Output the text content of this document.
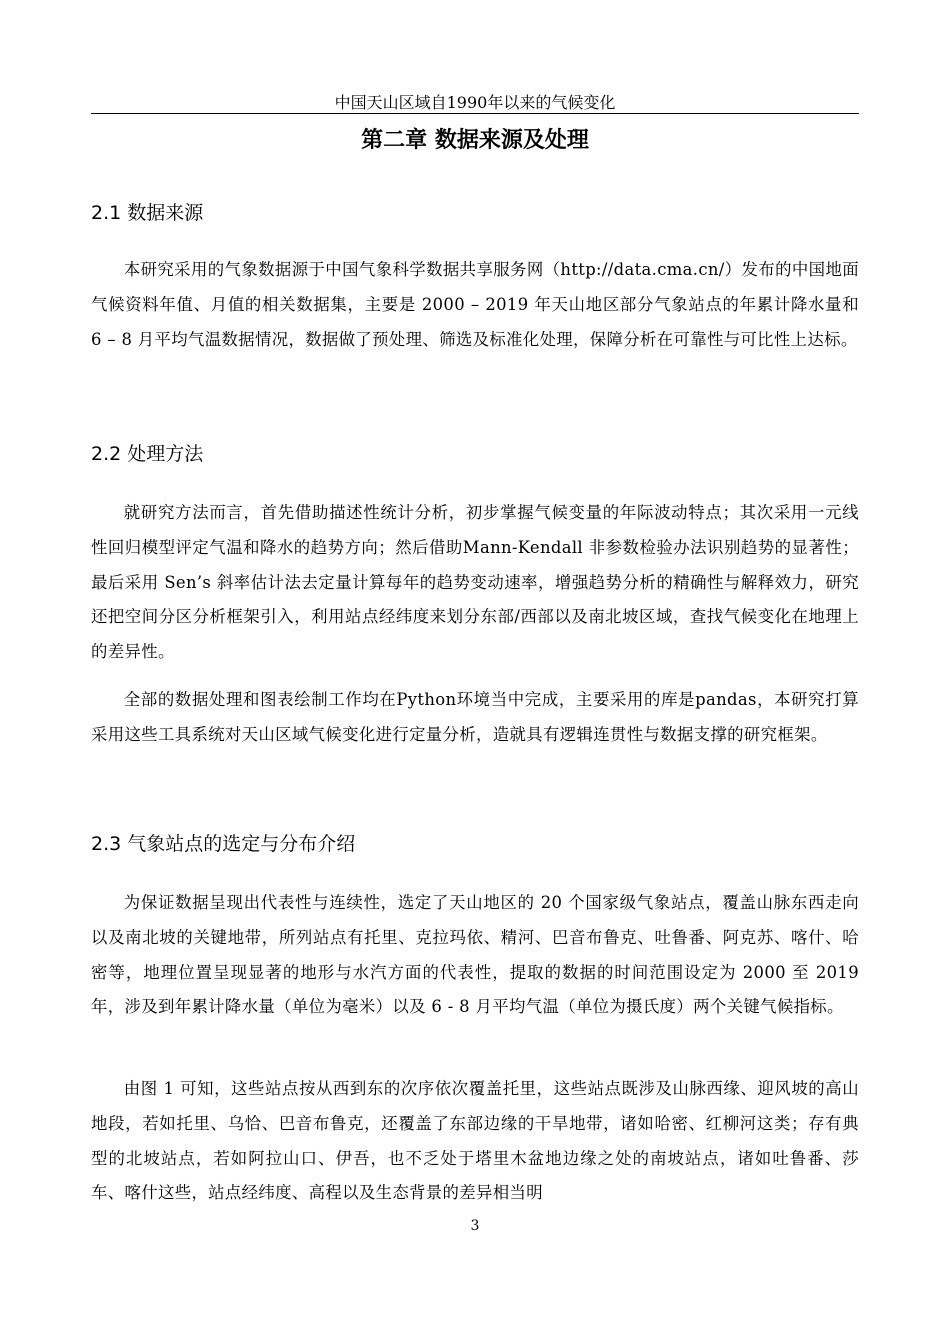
中国天山区域自1990年以来的气候变化
第二章 数据来源及处理
2.1 数据来源

本研究采用的气象数据源于中国气象科学数据共享服务网（http://data.cma.cn/）发布的中国地面气候资料年值、月值的相关数据集，主要是 2000 – 2019 年天山地区部分气象站点的年累计降水量和 6 – 8 月平均气温数据情况，数据做了预处理、筛选及标准化处理，保障分析在可靠性与可比性上达标。

2.2 处理方法

就研究方法而言，首先借助描述性统计分析，初步掌握气候变量的年际波动特点；其次采用一元线性回归模型评定气温和降水的趋势方向；然后借助Mann-Kendall 非参数检验办法识别趋势的显著性；最后采用 Sen’s 斜率估计法去定量计算每年的趋势变动速率，增强趋势分析的精确性与解释效力，研究还把空间分区分析框架引入，利用站点经纬度来划分东部/西部以及南北坡区域，查找气候变化在地理上的差异性。

全部的数据处理和图表绘制工作均在Python环境当中完成，主要采用的库是pandas，本研究打算采用这些工具系统对天山区域气候变化进行定量分析，造就具有逻辑连贯性与数据支撑的研究框架。

2.3 气象站点的选定与分布介绍

为保证数据呈现出代表性与连续性，选定了天山地区的 20 个国家级气象站点，覆盖山脉东西走向以及南北坡的关键地带，所列站点有托里、克拉玛依、精河、巴音布鲁克、吐鲁番、阿克苏、喀什、哈密等，地理位置呈现显著的地形与水汽方面的代表性，提取的数据的时间范围设定为 2000 至 2019 年，涉及到年累计降水量（单位为毫米）以及 6 - 8 月平均气温（单位为摄氏度）两个关键气候指标。

由图 1 可知，这些站点按从西到东的次序依次覆盖托里，这些站点既涉及山脉西缘、迎风坡的高山地段，若如托里、乌恰、巴音布鲁克，还覆盖了东部边缘的干旱地带，诸如哈密、红柳河这类；存有典型的北坡站点，若如阿拉山口、伊吾，也不乏处于塔里木盆地边缘之处的南坡站点，诸如吐鲁番、莎车、喀什这些，站点经纬度、高程以及生态背景的差异相当明

3
